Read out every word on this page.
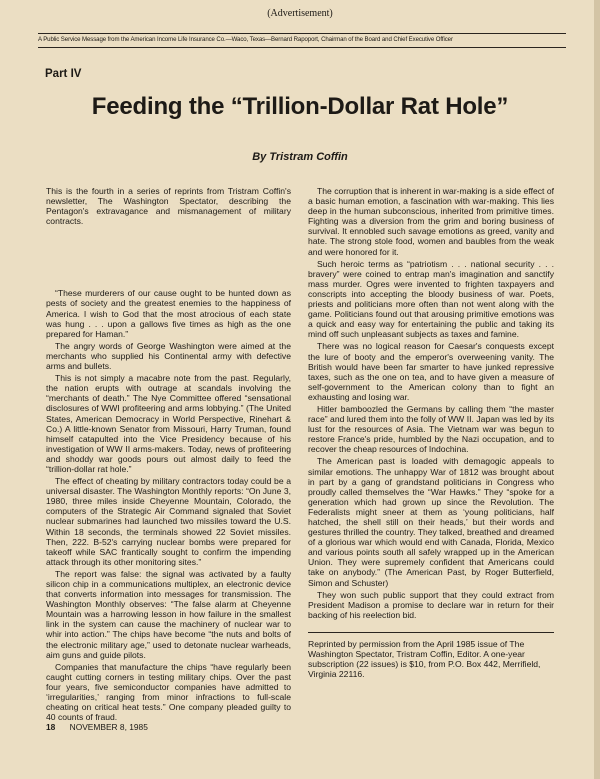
(Advertisement)
A Public Service Message from the American Income Life Insurance Co.—Waco, Texas—Bernard Rapoport, Chairman of the Board and Chief Executive Officer
Part IV
Feeding the “Trillion-Dollar Rat Hole”
By Tristram Coffin

This is the fourth in a series of reprints from Tristram Coffin's newsletter, The Washington Spectator, describing the Pentagon's extravagance and mismanagement of military contracts.

“These murderers of our cause ought to be hunted down as pests of society and the greatest enemies to the happiness of America. I wish to God that the most atrocious of each state was hung . . . upon a gallows five times as high as the one prepared for Haman.”

The angry words of George Washington were aimed at the merchants who supplied his Continental army with defective arms and bullets.

This is not simply a macabre note from the past. Regularly, the nation erupts with outrage at scandals involving the “merchants of death.” The Nye Committee offered “sensational disclosures of WWI profiteering and arms lobbying.” (The United States, American Democracy in World Perspective, Rinehart & Co.) A little-known Senator from Missouri, Harry Truman, found himself catapulted into the Vice Presidency because of his investigation of WW II arms-makers. Today, news of profiteering and shoddy war goods pours out almost daily to feed the “trillion-dollar rat hole.”

The effect of cheating by military contractors today could be a universal disaster. The Washington Monthly reports: “On June 3, 1980, three miles inside Cheyenne Mountain, Colorado, the computers of the Strategic Air Command signaled that Soviet nuclear submarines had launched two missiles toward the U.S. Within 18 seconds, the terminals showed 22 Soviet missiles. Then, 222. B-52's carrying nuclear bombs were prepared for takeoff while SAC frantically sought to confirm the impending attack through its other monitoring sites.”

The report was false: the signal was activated by a faulty silicon chip in a communications multiplex, an electronic device that converts information into messages for transmission. The Washington Monthly observes: “The false alarm at Cheyenne Mountain was a harrowing lesson in how failure in the smallest link in the system can cause the machinery of nuclear war to whir into action.” The chips have become “the nuts and bolts of the electronic military age,” used to detonate nuclear warheads, aim guns and guide pilots.

Companies that manufacture the chips “have regularly been caught cutting corners in testing military chips. Over the past four years, five semiconductor companies have admitted to ‘irregularities,’ ranging from minor infractions to full-scale cheating on critical heat tests.” One company pleaded guilty to 40 counts of fraud.

The corruption that is inherent in war-making is a side effect of a basic human emotion, a fascination with war-making. This lies deep in the human subconscious, inherited from primitive times. Fighting was a diversion from the grim and boring business of survival. It ennobled such savage emotions as greed, vanity and hate. The strong stole food, women and baubles from the weak and were honored for it.

Such heroic terms as “patriotism . . . national security . . . bravery” were coined to entrap man's imagination and sanctify mass murder. Ogres were invented to frighten taxpayers and conscripts into accepting the bloody business of war. Poets, priests and politicians more often than not went along with the game. Politicians found out that arousing primitive emotions was a quick and easy way for entertaining the public and taking its mind off such unpleasant subjects as taxes and famine.

There was no logical reason for Caesar's conquests except the lure of booty and the emperor's overweening vanity. The British would have been far smarter to have junked repressive taxes, such as the one on tea, and to have given a measure of self-government to the American colony than to fight an exhausting and losing war.

Hitler bamboozled the Germans by calling them “the master race” and lured them into the folly of WW II. Japan was led by its lust for the resources of Asia. The Vietnam war was begun to restore France's pride, humbled by the Nazi occupation, and to recover the cheap resources of Indochina.

The American past is loaded with demagogic appeals to similar emotions. The unhappy War of 1812 was brought about in part by a gang of grandstand politicians in Congress who proudly called themselves the “War Hawks.” They “spoke for a generation which had grown up since the Revolution. The Federalists might sneer at them as ‘young politicians, half hatched, the shell still on their heads,’ but their words and gestures thrilled the country. They talked, breathed and dreamed of a glorious war which would end with Canada, Florida, Mexico and various points south all safely wrapped up in the American Union. They were supremely confident that Americans could take on anybody.” (The American Past, by Roger Butterfield, Simon and Schuster)

They won such public support that they could extract from President Madison a promise to declare war in return for their backing of his reelection bid.

Reprinted by permission from the April 1985 issue of The Washington Spectator, Tristram Coffin, Editor. A one-year subscription (22 issues) is $10, from P.O. Box 442, Merrifield, Virginia 22116.

18 NOVEMBER 8, 1985
